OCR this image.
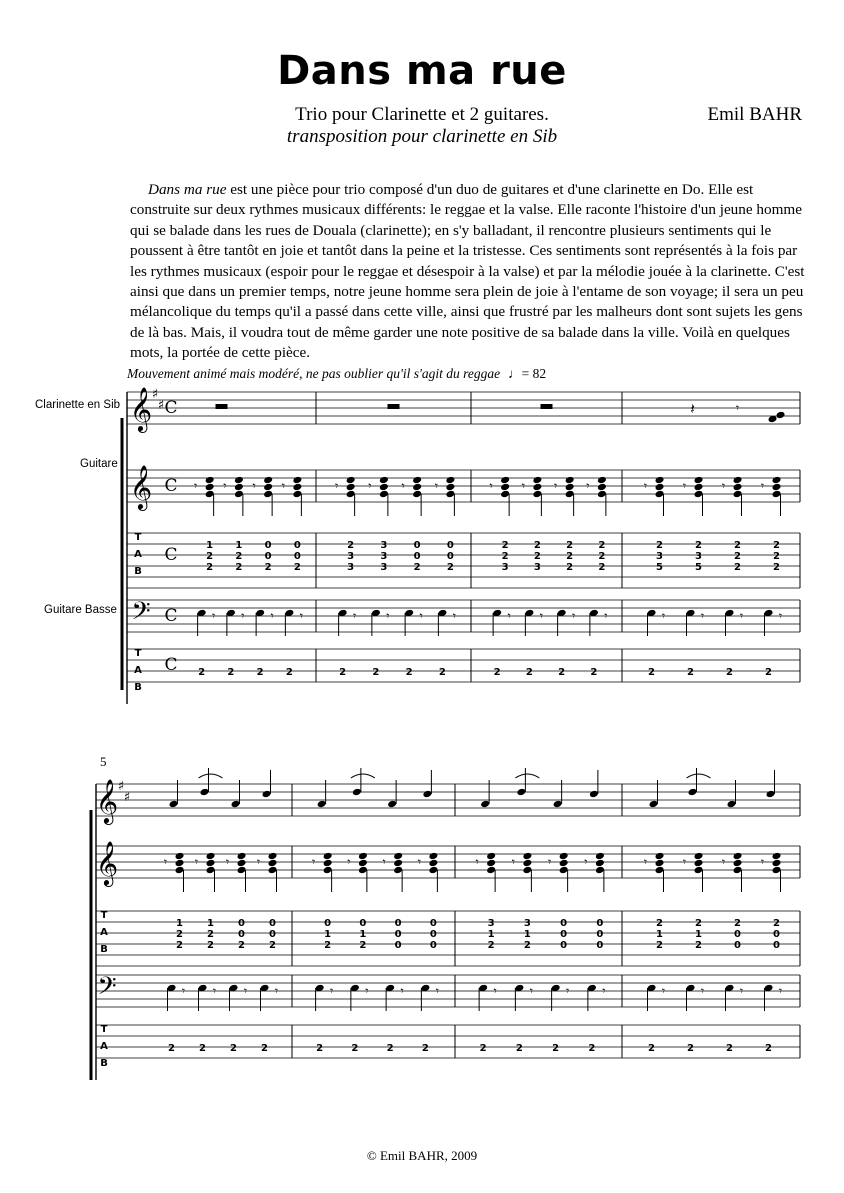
Dans ma rue
Trio pour Clarinette et 2 guitares.
transposition pour clarinette en Sib
Emil BAHR

Dans ma rue est une pièce pour trio composé d'un duo de guitares et d'une clarinette en Do. Elle est construite sur deux rythmes musicaux différents: le reggae et la valse. Elle raconte l'histoire d'un jeune homme qui se balade dans les rues de Douala (clarinette); en s'y balladant, il rencontre plusieurs sentiments qui le poussent à être tantôt en joie et tantôt dans la peine et la tristesse. Ces sentiments sont représentés à la fois par les rythmes musicaux (espoir pour le reggae et désespoir à la valse) et par la mélodie jouée à la clarinette. C'est ainsi que dans un premier temps, notre jeune homme sera plein de joie à l'entame de son voyage; il sera un peu mélancolique du temps qu'il a passé dans cette ville, ainsi que frustré par les malheurs dont sont sujets les gens de là bas. Mais, il voudra tout de même garder une note positive de sa balade dans la ville. Voilà en quelques mots, la portée de cette pièce.

Mouvement animé mais modéré, ne pas oublier qu'il s'agit du reggae ♩= 82
Clarinette en Sib
Guitare
Guitare Basse
𝄞
𝄞
𝄢
♯
♯
T
A
B
T
A
B
C
C
C
C
C
𝄾
𝄾
2
𝄾
𝄾
2
𝄾
𝄾
2
𝄾
𝄾
2
1 1 0 0
2 2 0 0
2 2 2 2
𝄾
𝄾
2
𝄾
𝄾
2
𝄾
𝄾
2
𝄾
𝄾
2
2	3	0	0
3	3	0	0
3	3	2	2
𝄾
𝄾
2
𝄾
𝄾
2
𝄾
𝄾
2
𝄾
𝄾
2
2	2	2	2
2	2	2	2
3	3	2	2
𝄽	𝄾
𝄾
𝄾
2
𝄾
𝄾
2
𝄾
𝄾
2
𝄾
𝄾
2
2	2	2	2
3	3	2	2
5	5	2	2
𝄞
𝄞
𝄢
♯
♯
T
A
B
T
A
B
𝄾
𝄾
2
𝄾
𝄾
2
𝄾
𝄾
2
𝄾
𝄾
2
1 1 0 0
2 2 0 0
2 2 2 2
𝄾
𝄾
2
𝄾
𝄾
2
𝄾
𝄾
2
𝄾
𝄾
2
0	0	0	0
1	1	0	0
2	2	0	0
𝄾
𝄾
2
𝄾
𝄾
2
𝄾
𝄾
2
𝄾
𝄾
2
3	3	0	0
1	1	0	0
2	2	0	0
𝄾
𝄾
2
𝄾
𝄾
2
𝄾
𝄾
2
𝄾
𝄾
2
2	2	2	2
1	1	0	0
2	2	0	0
5
© Emil BAHR, 2009
